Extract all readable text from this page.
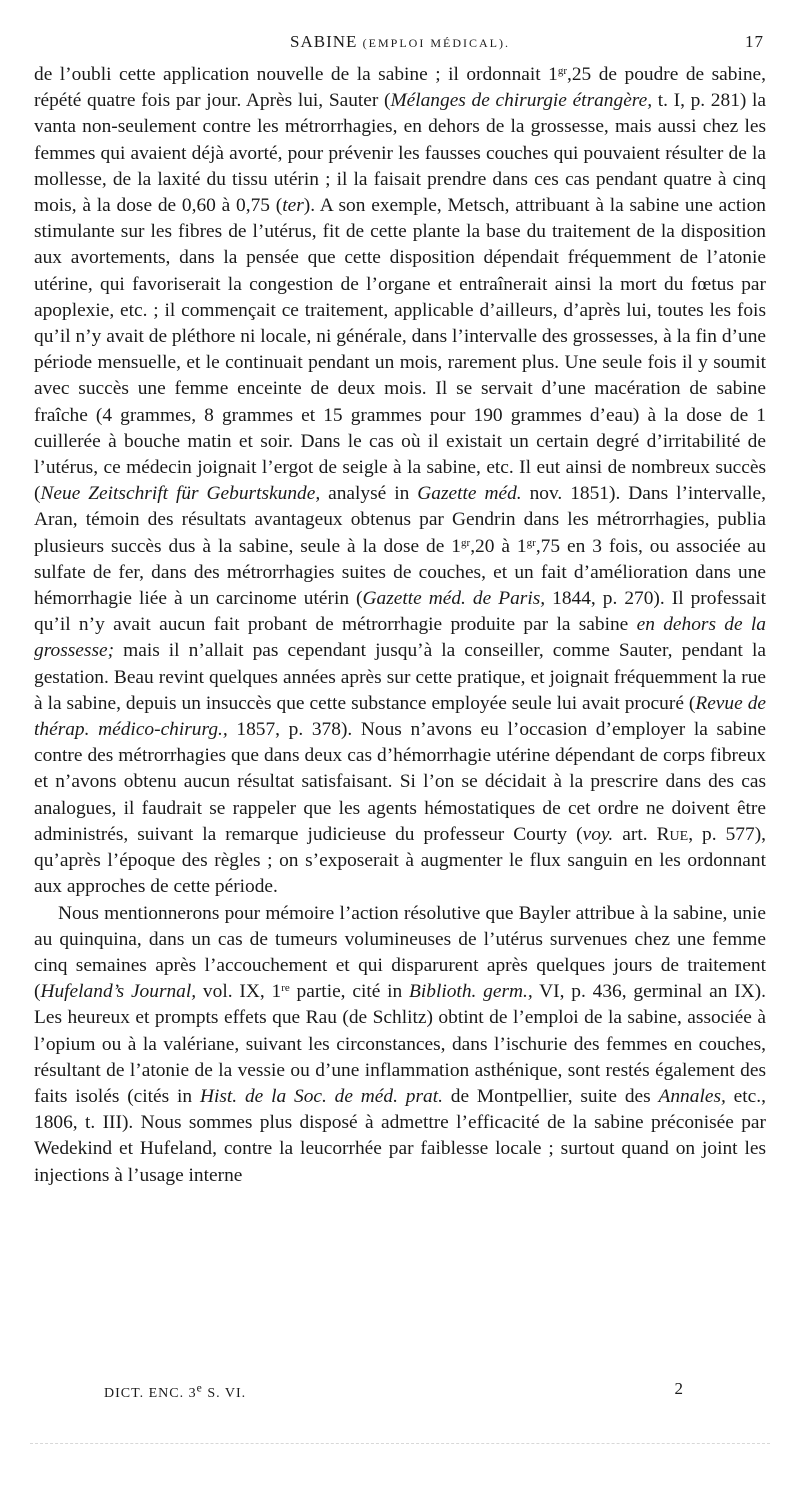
SABINE (EMPLOI MÉDICAL).	17

de l’oubli cette application nouvelle de la sabine ; il ordonnait $1^{gr},25$ de poudre de sabine, répété quatre fois par jour. Après lui, Sauter (Mélanges de chirurgie étrangère, t. I, p. 281) la vanta non-seulement contre les métrorrhagies, en dehors de la grossesse, mais aussi chez les femmes qui avaient déjà avorté, pour prévenir les fausses couches qui pouvaient résulter de la mollesse, de la laxité du tissu utérin ; il la faisait prendre dans ces cas pendant quatre à cinq mois, à la dose de 0,60 à 0,75 (ter). A son exemple, Metsch, attribuant à la sabine une action stimulante sur les fibres de l’utérus, fit de cette plante la base du traitement de la disposition aux avortements, dans la pensée que cette disposition dépendait fréquemment de l’atonie utérine, qui favoriserait la congestion de l’organe et entraînerait ainsi la mort du fœtus par apoplexie, etc. ; il commençait ce traitement, applicable d’ailleurs, d’après lui, toutes les fois qu’il n’y avait de pléthore ni locale, ni générale, dans l’intervalle des grossesses, à la fin d’une période mensuelle, et le continuait pendant un mois, rarement plus. Une seule fois il y soumit avec succès une femme enceinte de deux mois. Il se servait d’une macération de sabine fraîche (4 grammes, 8 grammes et 15 grammes pour 190 grammes d’eau) à la dose de 1 cuillerée à bouche matin et soir. Dans le cas où il existait un certain degré d’irritabilité de l’utérus, ce médecin joignait l’ergot de seigle à la sabine, etc. Il eut ainsi de nombreux succès (Neue Zeitschrift für Geburtskunde, analysé in Gazette méd. nov. 1851). Dans l’intervalle, Aran, témoin des résultats avantageux obtenus par Gendrin dans les métrorrhagies, publia plusieurs succès dus à la sabine, seule à la dose de $1^{gr},20$ à $1^{gr},75$ en 3 fois, ou associée au sulfate de fer, dans des métrorrhagies suites de couches, et un fait d’amélioration dans une hémorrhagie liée à un carcinome utérin (Gazette méd. de Paris, 1844, p. 270). Il professait qu’il n’y avait aucun fait probant de métrorrhagie produite par la sabine en dehors de la grossesse; mais il n’allait pas cependant jusqu’à la conseiller, comme Sauter, pendant la gestation. Beau revint quelques années après sur cette pratique, et joignait fréquemment la rue à la sabine, depuis un insuccès que cette substance employée seule lui avait procuré (Revue de thérap. médico-chirurg., 1857, p. 378). Nous n’avons eu l’occasion d’employer la sabine contre des métrorrhagies que dans deux cas d’hémorrhagie utérine dépendant de corps fibreux et n’avons obtenu aucun résultat satisfaisant. Si l’on se décidait à la prescrire dans des cas analogues, il faudrait se rappeler que les agents hémostatiques de cet ordre ne doivent être administrés, suivant la remarque judicieuse du professeur Courty (voy. art. Rue, p. 577), qu’après l’époque des règles ; on s’exposerait à augmenter le flux sanguin en les ordonnant aux approches de cette période.

Nous mentionnerons pour mémoire l’action résolutive que Bayler attribue à la sabine, unie au quinquina, dans un cas de tumeurs volumineuses de l’utérus survenues chez une femme cinq semaines après l’accouchement et qui disparurent après quelques jours de traitement (Hufeland’s Journal, vol. IX, 1re partie, cité in Biblioth. germ., VI, p. 436, germinal an IX). Les heureux et prompts effets que Rau (de Schlitz) obtint de l’emploi de la sabine, associée à l’opium ou à la valériane, suivant les circonstances, dans l’ischurie des femmes en couches, résultant de l’atonie de la vessie ou d’une inflammation asthénique, sont restés également des faits isolés (cités in Hist. de la Soc. de méd. prat. de Montpellier, suite des Annales, etc., 1806, t. III). Nous sommes plus disposé à admettre l’efficacité de la sabine préconisée par Wedekind et Hufeland, contre la leucorrhée par faiblesse locale ; surtout quand on joint les injections à l’usage interne

DICT. ENC. 3e S. VI.	2
